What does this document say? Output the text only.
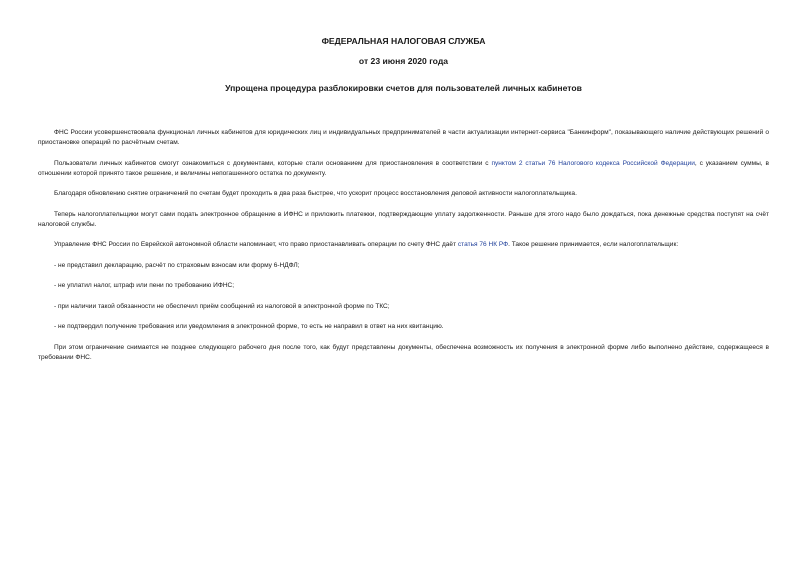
ФЕДЕРАЛЬНАЯ НАЛОГОВАЯ СЛУЖБА

от 23 июня 2020 года

Упрощена процедура разблокировки счетов для пользователей личных кабинетов

ФНС России усовершенствовала функционал личных кабинетов для юридических лиц и индивидуальных предпринимателей в части актуализации интернет-сервиса "Банкинформ", показывающего наличие действующих решений о приостановке операций по расчётным счетам.

Пользователи личных кабинетов смогут ознакомиться с документами, которые стали основанием для приостановления в соответствии с пунктом 2 статьи 76 Налогового кодекса Российской Федерации, с указанием суммы, в отношении которой принято такое решение, и величины непогашенного остатка по документу.

Благодаря обновлению снятие ограничений по счетам будет проходить в два раза быстрее, что ускорит процесс восстановления деловой активности налогоплательщика.

Теперь налогоплательщики могут сами подать электронное обращение в ИФНС и приложить платежки, подтверждающие уплату задолженности. Раньше для этого надо было дождаться, пока денежные средства поступят на счёт налоговой службы.

Управление ФНС России по Еврейской автономной области напоминает, что право приостанавливать операции по счету ФНС даёт статья 76 НК РФ. Такое решение принимается, если налогоплательщик:

- не представил декларацию, расчёт по страховым взносам или форму 6-НДФЛ;

- не уплатил налог, штраф или пени по требованию ИФНС;

- при наличии такой обязанности не обеспечил приём сообщений из налоговой в электронной форме по ТКС;

- не подтвердил получение требования или уведомления в электронной форме, то есть не направил в ответ на них квитанцию.

При этом ограничение снимается не позднее следующего рабочего дня после того, как будут представлены документы, обеспечена возможность их получения в электронной форме либо выполнено действие, содержащееся в требовании ФНС.
